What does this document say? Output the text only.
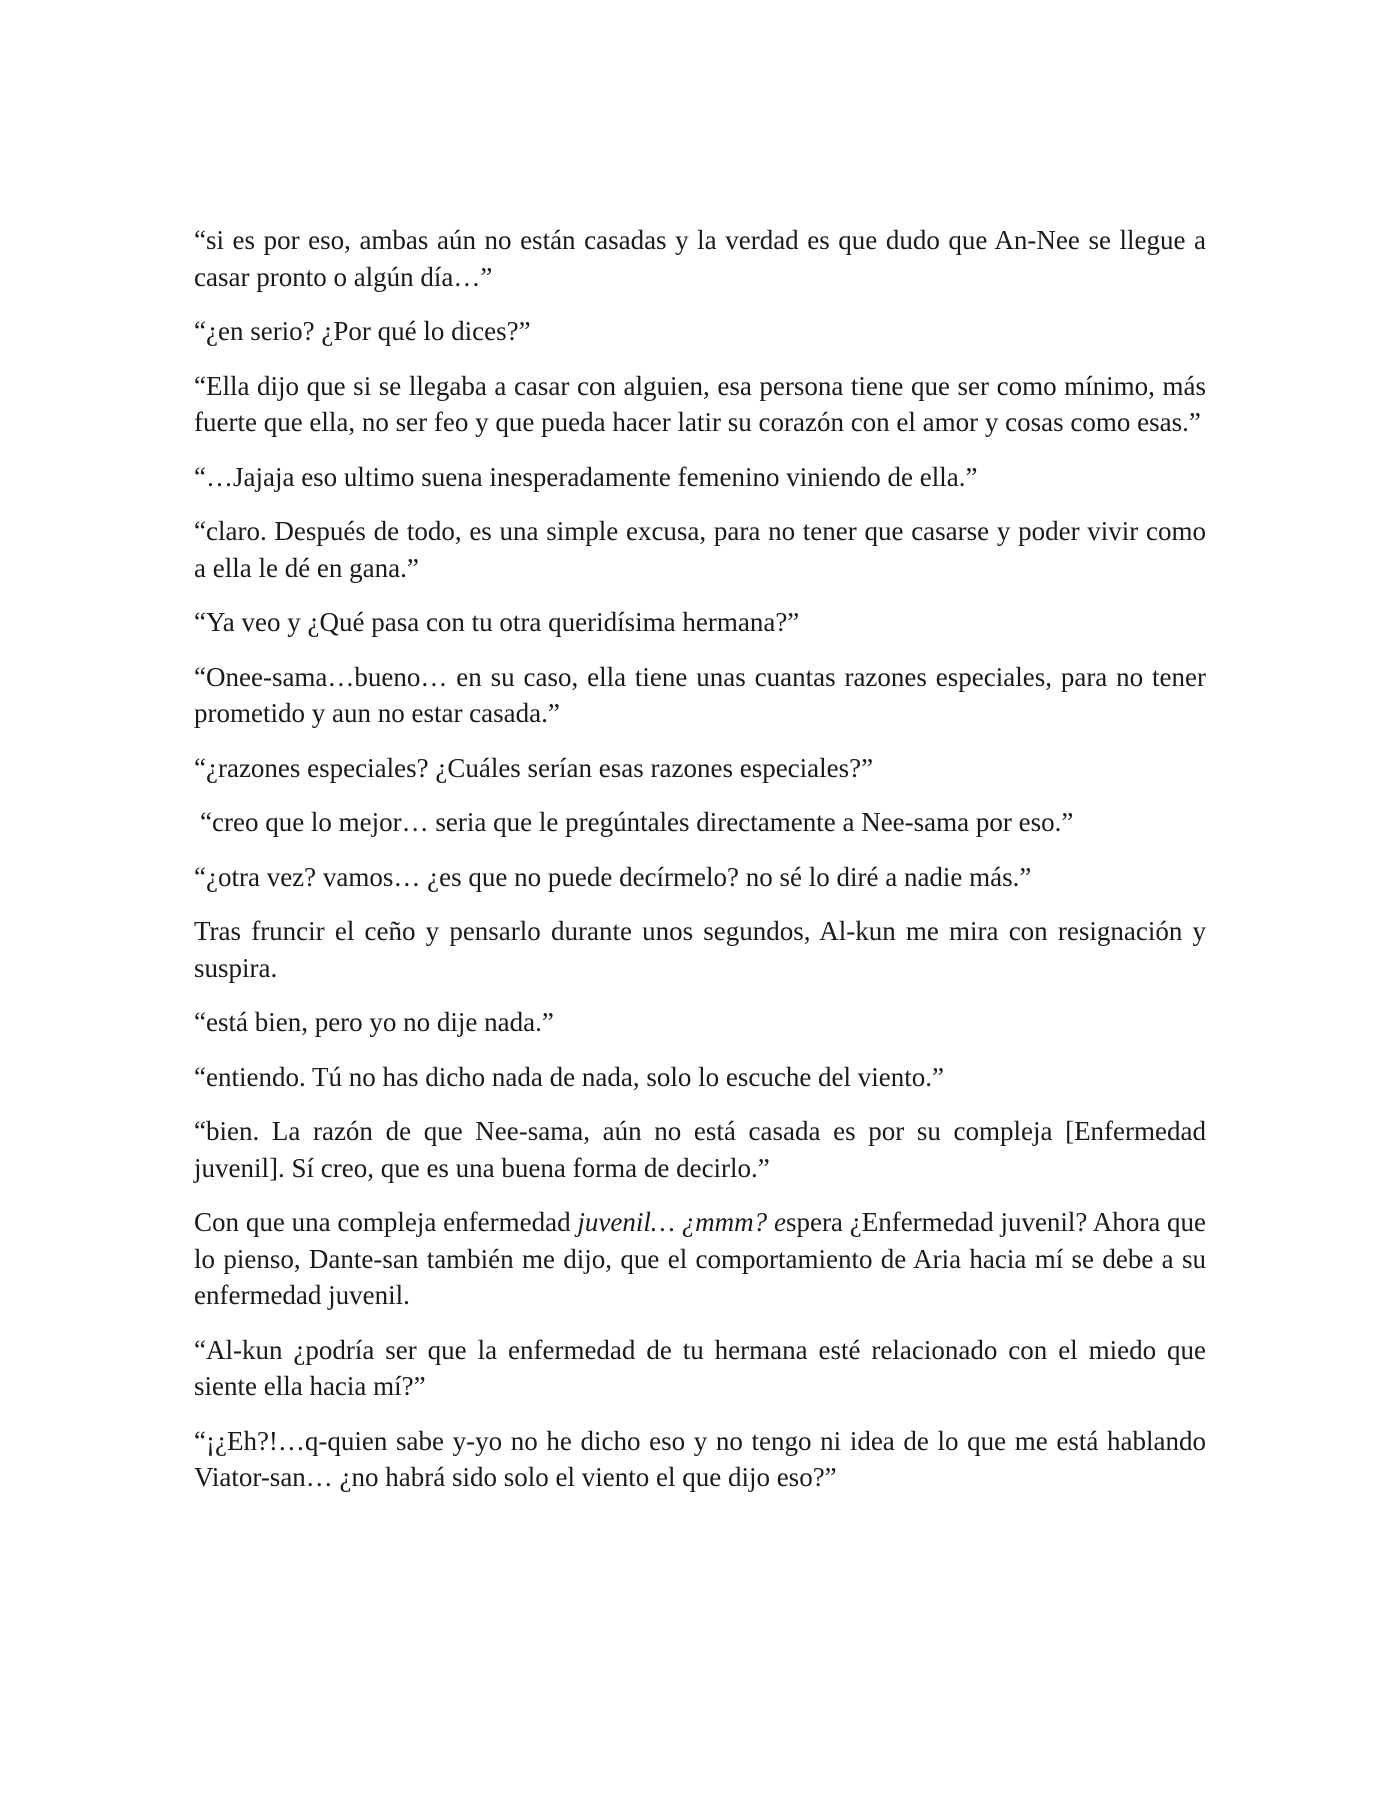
“si es por eso, ambas aún no están casadas y la verdad es que dudo que An-Nee se llegue a casar pronto o algún día…”

“¿en serio? ¿Por qué lo dices?”

“Ella dijo que si se llegaba a casar con alguien, esa persona tiene que ser como mínimo, más fuerte que ella, no ser feo y que pueda hacer latir su corazón con el amor y cosas como esas.”

“…Jajaja eso ultimo suena inesperadamente femenino viniendo de ella.”

“claro. Después de todo, es una simple excusa, para no tener que casarse y poder vivir como a ella le dé en gana.”

“Ya veo y ¿Qué pasa con tu otra queridísima hermana?”

“Onee-sama…bueno… en su caso, ella tiene unas cuantas razones especiales, para no tener prometido y aun no estar casada.”

“¿razones especiales? ¿Cuáles serían esas razones especiales?”

“creo que lo mejor… seria que le pregúntales directamente a Nee-sama por eso.”

“¿otra vez? vamos… ¿es que no puede decírmelo? no sé lo diré a nadie más.”

Tras fruncir el ceño y pensarlo durante unos segundos, Al-kun me mira con resignación y suspira.

“está bien, pero yo no dije nada.”

“entiendo. Tú no has dicho nada de nada, solo lo escuche del viento.”

“bien. La razón de que Nee-sama, aún no está casada es por su compleja [Enfermedad juvenil]. Sí creo, que es una buena forma de decirlo.”

Con que una compleja enfermedad juvenil… ¿mmm? espera ¿Enfermedad juvenil? Ahora que lo pienso, Dante-san también me dijo, que el comportamiento de Aria hacia mí se debe a su enfermedad juvenil.

“Al-kun ¿podría ser que la enfermedad de tu hermana esté relacionado con el miedo que siente ella hacia mí?”

“¡¿Eh?!…q-quien sabe y-yo no he dicho eso y no tengo ni idea de lo que me está hablando Viator-san… ¿no habrá sido solo el viento el que dijo eso?”
